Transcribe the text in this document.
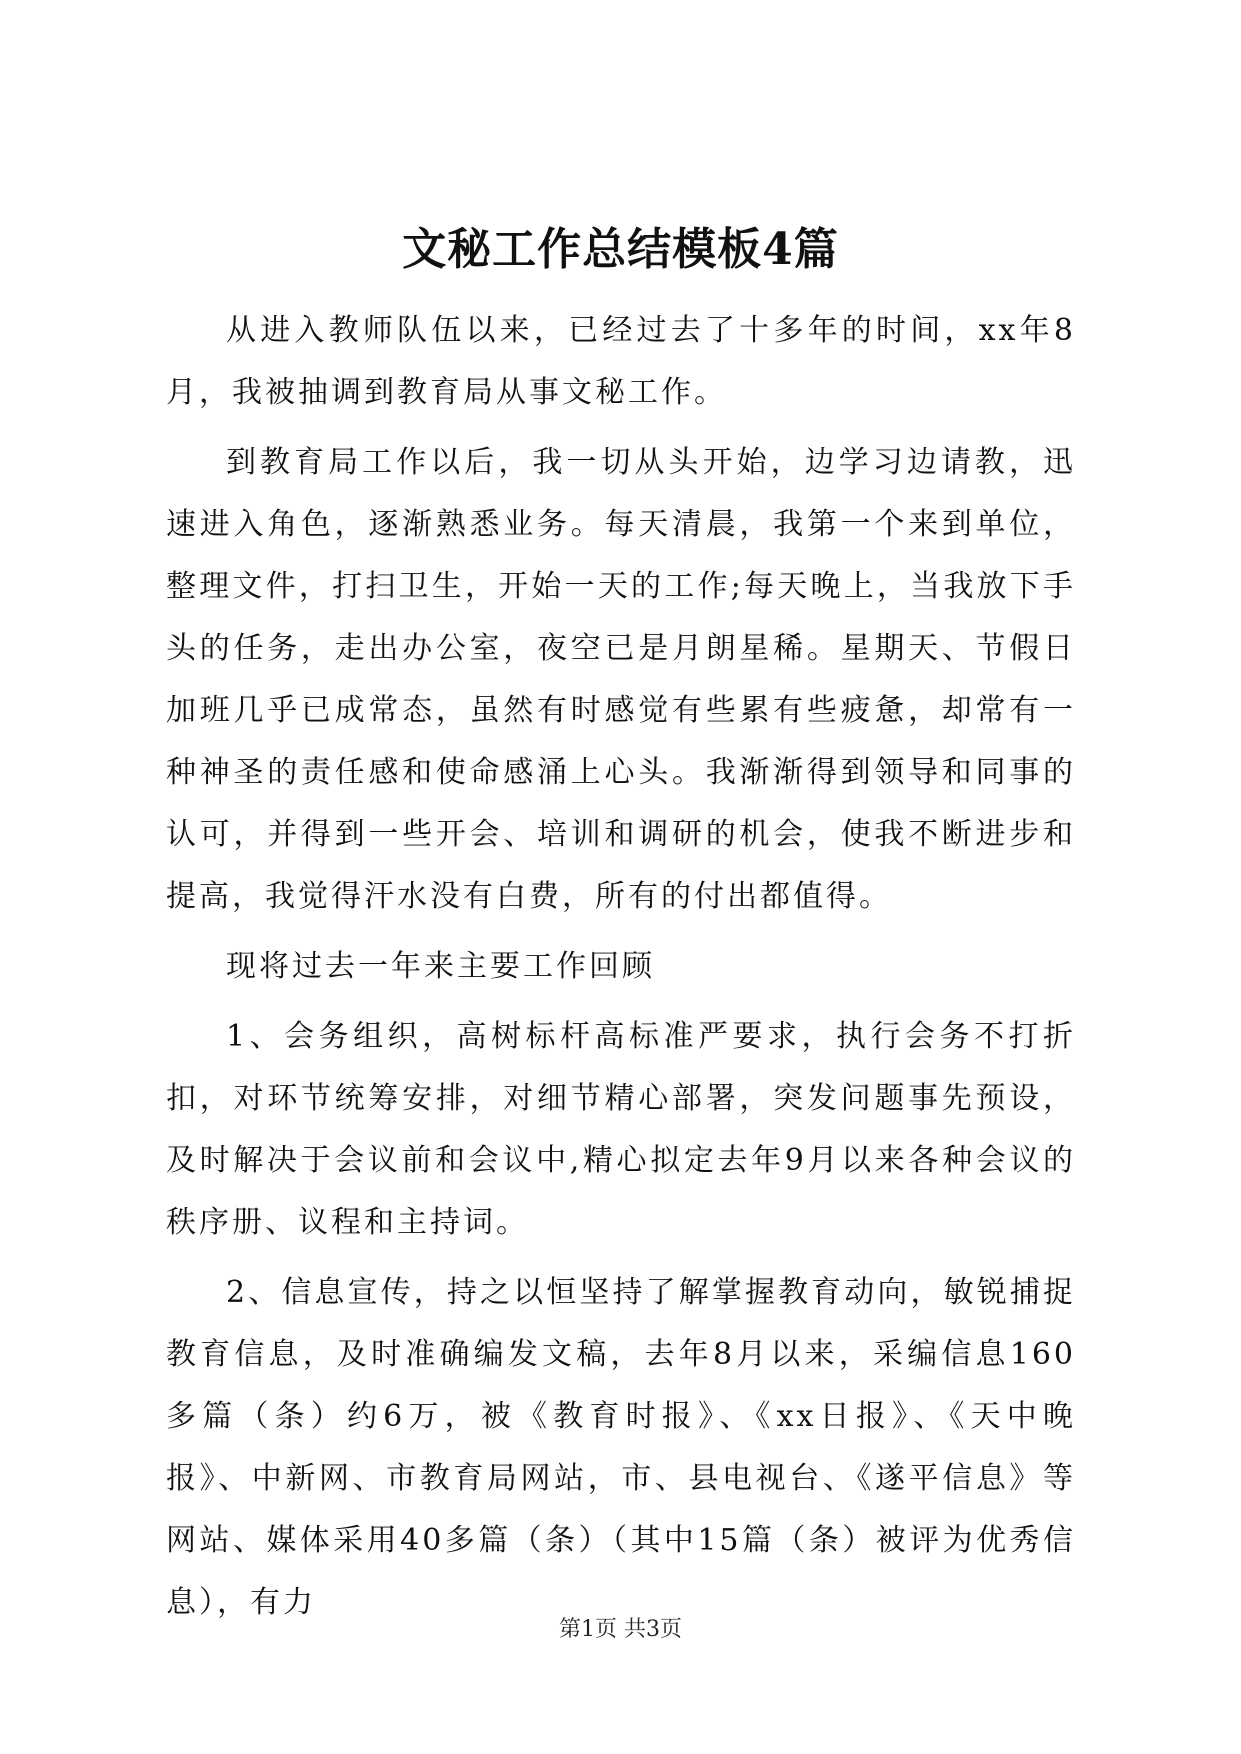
文秘工作总结模板4篇

从进入教师队伍以来，已经过去了十多年的时间，xx年8月，我被抽调到教育局从事文秘工作。

到教育局工作以后，我一切从头开始，边学习边请教，迅速进入角色，逐渐熟悉业务。每天清晨，我第一个来到单位，整理文件，打扫卫生，开始一天的工作;每天晚上，当我放下手头的任务，走出办公室，夜空已是月朗星稀。星期天、节假日加班几乎已成常态，虽然有时感觉有些累有些疲惫，却常有一种神圣的责任感和使命感涌上心头。我渐渐得到领导和同事的认可，并得到一些开会、培训和调研的机会，使我不断进步和提高，我觉得汗水没有白费，所有的付出都值得。

现将过去一年来主要工作回顾

1、会务组织，高树标杆高标准严要求，执行会务不打折扣，对环节统筹安排，对细节精心部署，突发问题事先预设，及时解决于会议前和会议中,精心拟定去年9月以来各种会议的秩序册、议程和主持词。

2、信息宣传，持之以恒坚持了解掌握教育动向，敏锐捕捉教育信息，及时准确编发文稿，去年8月以来，采编信息160多篇（条）约6万，被《教育时报》、《xx日报》、《天中晚报》、中新网、市教育局网站，市、县电视台、《遂平信息》等网站、媒体采用40多篇（条）（其中15篇（条）被评为优秀信息），有力

第1页 共3页
